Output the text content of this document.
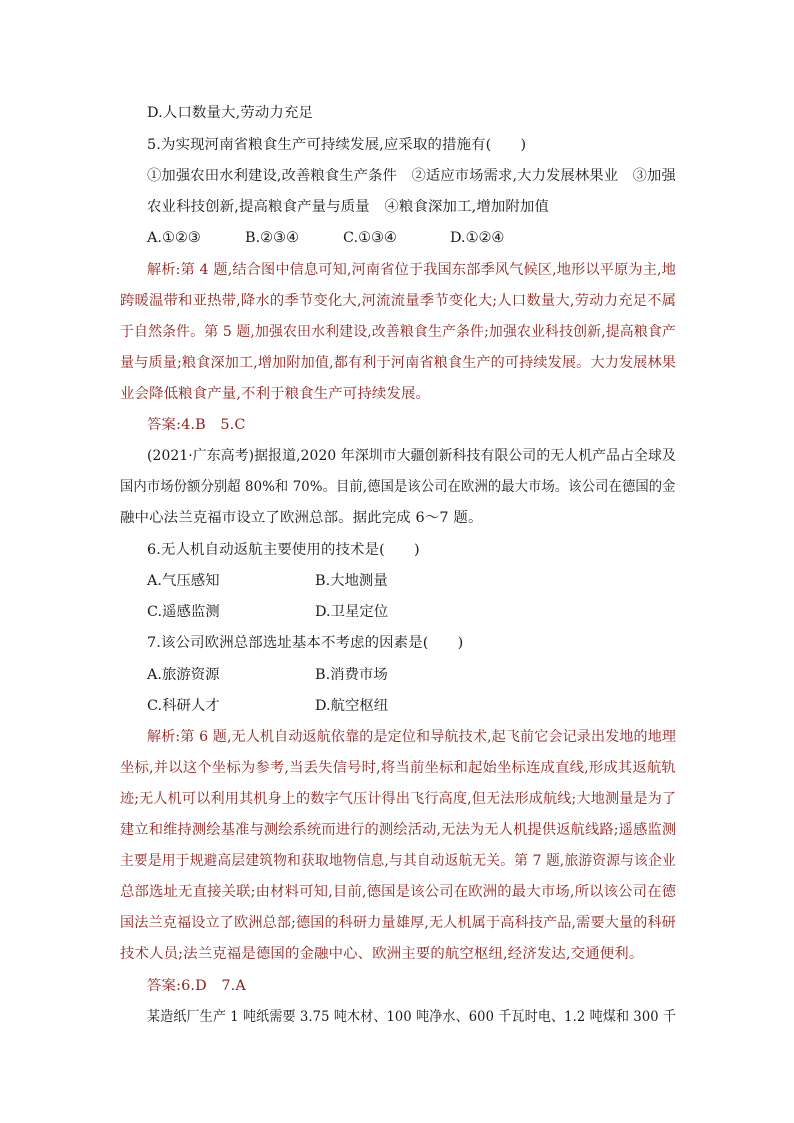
D.人口数量大,劳动力充足
5.为实现河南省粮食生产可持续发展,应采取的措施有(　　)
①加强农田水利建设,改善粮食生产条件　②适应市场需求,大力发展林果业　③加强
农业科技创新,提高粮食产量与质量　④粮食深加工,增加附加值
A.①②③	B.②③④	C.①③④	D.①②④
解析:第 4 题,结合图中信息可知,河南省位于我国东部季风气候区,地形以平原为主,地
跨暖温带和亚热带,降水的季节变化大,河流流量季节变化大;人口数量大,劳动力充足不属
于自然条件。第 5 题,加强农田水利建设,改善粮食生产条件;加强农业科技创新,提高粮食产
量与质量;粮食深加工,增加附加值,都有利于河南省粮食生产的可持续发展。大力发展林果
业会降低粮食产量,不利于粮食生产可持续发展。
答案:4.B　5.C
(2021·广东高考)据报道,2020 年深圳市大疆创新科技有限公司的无人机产品占全球及
国内市场份额分别超 80%和 70%。目前,德国是该公司在欧洲的最大市场。该公司在德国的金
融中心法兰克福市设立了欧洲总部。据此完成 6～7 题。
6.无人机自动返航主要使用的技术是(　　)
A.气压感知	B.大地测量
C.遥感监测	D.卫星定位
7.该公司欧洲总部选址基本不考虑的因素是(　　)
A.旅游资源	B.消费市场
C.科研人才	D.航空枢纽
解析:第 6 题,无人机自动返航依靠的是定位和导航技术,起飞前它会记录出发地的地理
坐标,并以这个坐标为参考,当丢失信号时,将当前坐标和起始坐标连成直线,形成其返航轨
迹;无人机可以利用其机身上的数字气压计得出飞行高度,但无法形成航线;大地测量是为了
建立和维持测绘基准与测绘系统而进行的测绘活动,无法为无人机提供返航线路;遥感监测
主要是用于规避高层建筑物和获取地物信息,与其自动返航无关。第 7 题,旅游资源与该企业
总部选址无直接关联;由材料可知,目前,德国是该公司在欧洲的最大市场,所以该公司在德
国法兰克福设立了欧洲总部;德国的科研力量雄厚,无人机属于高科技产品,需要大量的科研
技术人员;法兰克福是德国的金融中心、欧洲主要的航空枢纽,经济发达,交通便利。
答案:6.D　7.A
某造纸厂生产 1 吨纸需要 3.75 吨木材、100 吨净水、600 千瓦时电、1.2 吨煤和 300 千
